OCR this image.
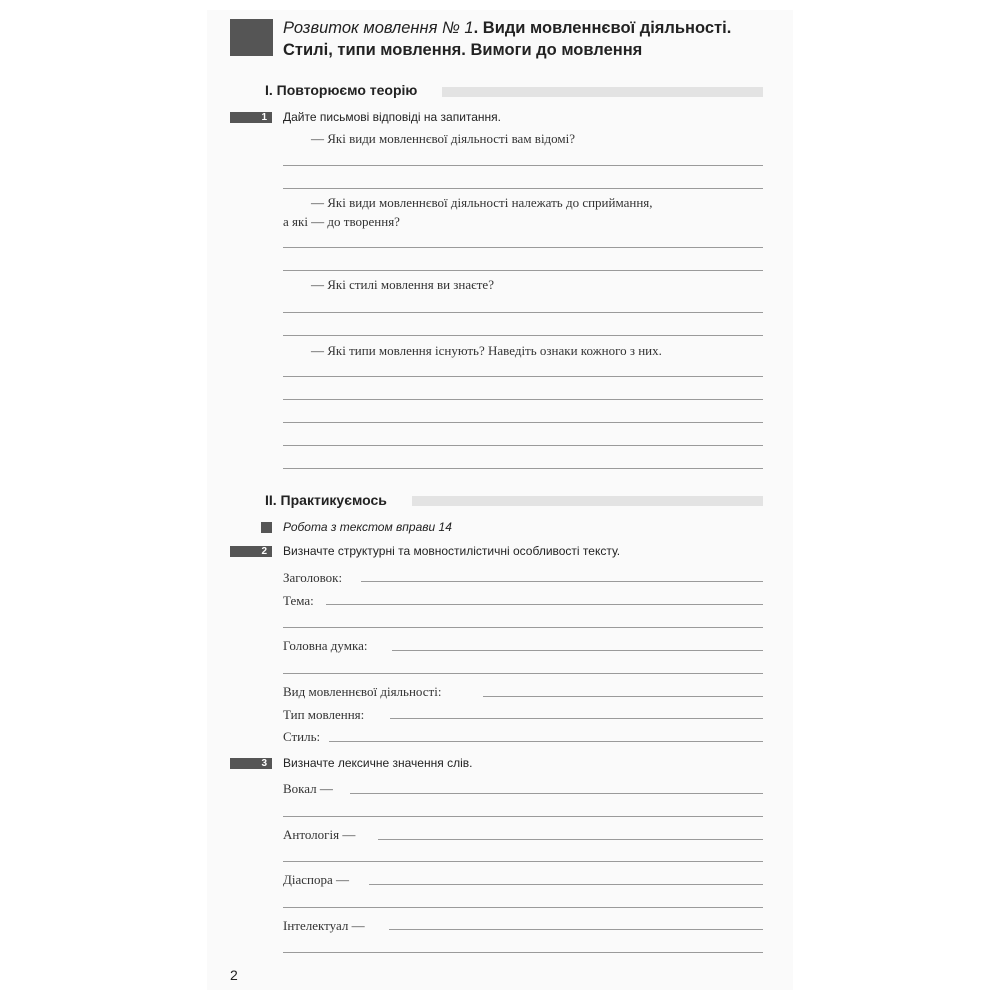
Розвиток мовлення № 1. Види мовленнєвої діяльності.
Стилі, типи мовлення. Вимоги до мовлення
І. Повторюємо теорію
1	Дайте письмові відповіді на запитання.
— Які види мовленнєвої діяльності вам відомі?
— Які види мовленнєвої діяльності належать до сприймання,
а які — до творення?
— Які стилі мовлення ви знаєте?
— Які типи мовлення існують? Наведіть ознаки кожного з них.
ІІ. Практикуємось
Робота з текстом вправи 14
2	Визначте структурні та мовностилістичні особливості тексту.
Заголовок:
Тема:
Головна думка:
Вид мовленнєвої діяльності:
Тип мовлення:
Стиль:
3	Визначте лексичне значення слів.
Вокал —
Антологія —
Діаспора —
Інтелектуал —
2
